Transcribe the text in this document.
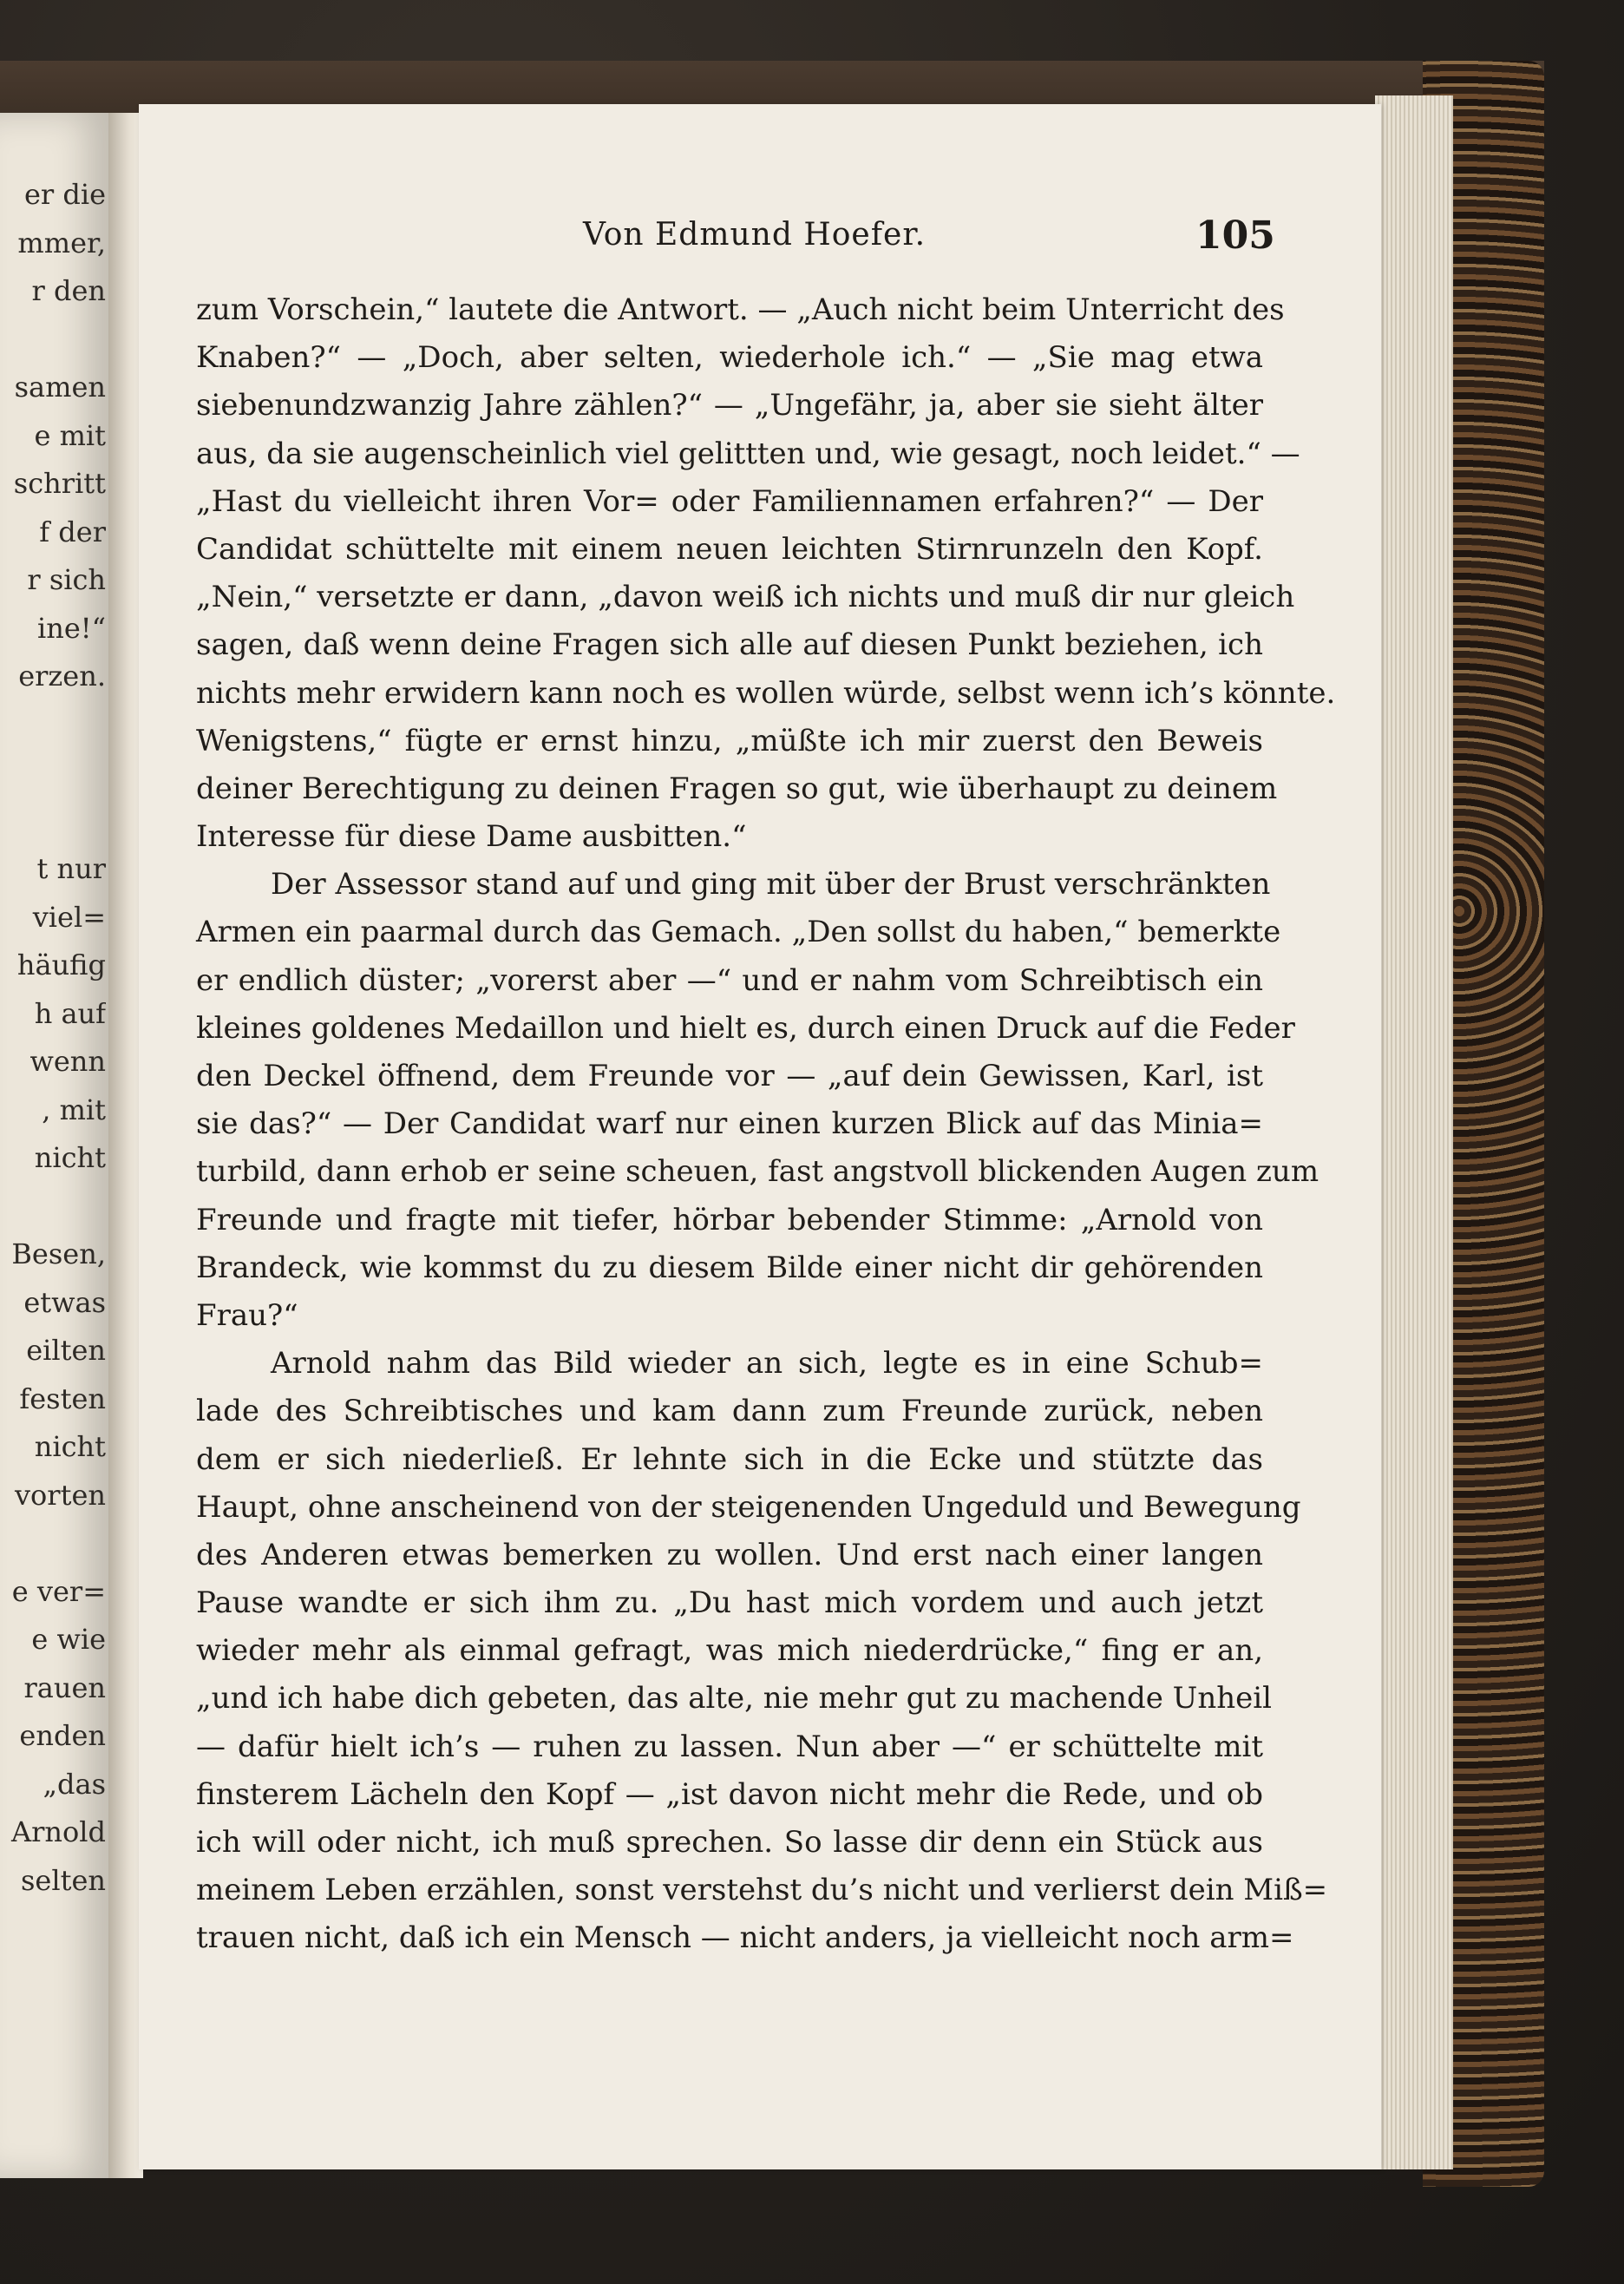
er die
mmer,
r den
samen
e mit
schritt
f der
r sich
ine!“
erzen.
t nur
viel=
häufig
h auf
wenn
, mit
nicht
Besen,
etwas
eilten
festen
nicht
vorten
e ver=
e wie
rauen
enden
„das
Arnold
selten
Von Edmund Hoefer.	105
zum Vorschein,“ lautete die Antwort. — „Auch nicht beim Unterricht des
Knaben?“ — „Doch, aber selten, wiederhole ich.“ — „Sie mag etwa
siebenundzwanzig Jahre zählen?“ — „Ungefähr, ja, aber sie sieht älter
aus, da sie augenscheinlich viel gelittten und, wie gesagt, noch leidet.“ —
„Hast du vielleicht ihren Vor= oder Familiennamen erfahren?“ — Der
Candidat schüttelte mit einem neuen leichten Stirnrunzeln den Kopf.
„Nein,“ versetzte er dann, „davon weiß ich nichts und muß dir nur gleich
sagen, daß wenn deine Fragen sich alle auf diesen Punkt beziehen, ich
nichts mehr erwidern kann noch es wollen würde, selbst wenn ich’s könnte.
Wenigstens,“ fügte er ernst hinzu, „müßte ich mir zuerst den Beweis
deiner Berechtigung zu deinen Fragen so gut, wie überhaupt zu deinem
Interesse für diese Dame ausbitten.“
Der Assessor stand auf und ging mit über der Brust verschränkten
Armen ein paarmal durch das Gemach. „Den sollst du haben,“ bemerkte
er endlich düster; „vorerst aber —“ und er nahm vom Schreibtisch ein
kleines goldenes Medaillon und hielt es, durch einen Druck auf die Feder
den Deckel öffnend, dem Freunde vor — „auf dein Gewissen, Karl, ist
sie das?“ — Der Candidat warf nur einen kurzen Blick auf das Minia=
turbild, dann erhob er seine scheuen, fast angstvoll blickenden Augen zum
Freunde und fragte mit tiefer, hörbar bebender Stimme: „Arnold von
Brandeck, wie kommst du zu diesem Bilde einer nicht dir gehörenden
Frau?“
Arnold nahm das Bild wieder an sich, legte es in eine Schub=
lade des Schreibtisches und kam dann zum Freunde zurück, neben
dem er sich niederließ. Er lehnte sich in die Ecke und stützte das
Haupt, ohne anscheinend von der steigenenden Ungeduld und Bewegung
des Anderen etwas bemerken zu wollen. Und erst nach einer langen
Pause wandte er sich ihm zu. „Du hast mich vordem und auch jetzt
wieder mehr als einmal gefragt, was mich niederdrücke,“ fing er an,
„und ich habe dich gebeten, das alte, nie mehr gut zu machende Unheil
— dafür hielt ich’s — ruhen zu lassen. Nun aber —“ er schüttelte mit
finsterem Lächeln den Kopf — „ist davon nicht mehr die Rede, und ob
ich will oder nicht, ich muß sprechen. So lasse dir denn ein Stück aus
meinem Leben erzählen, sonst verstehst du’s nicht und verlierst dein Miß=
trauen nicht, daß ich ein Mensch — nicht anders, ja vielleicht noch arm=
